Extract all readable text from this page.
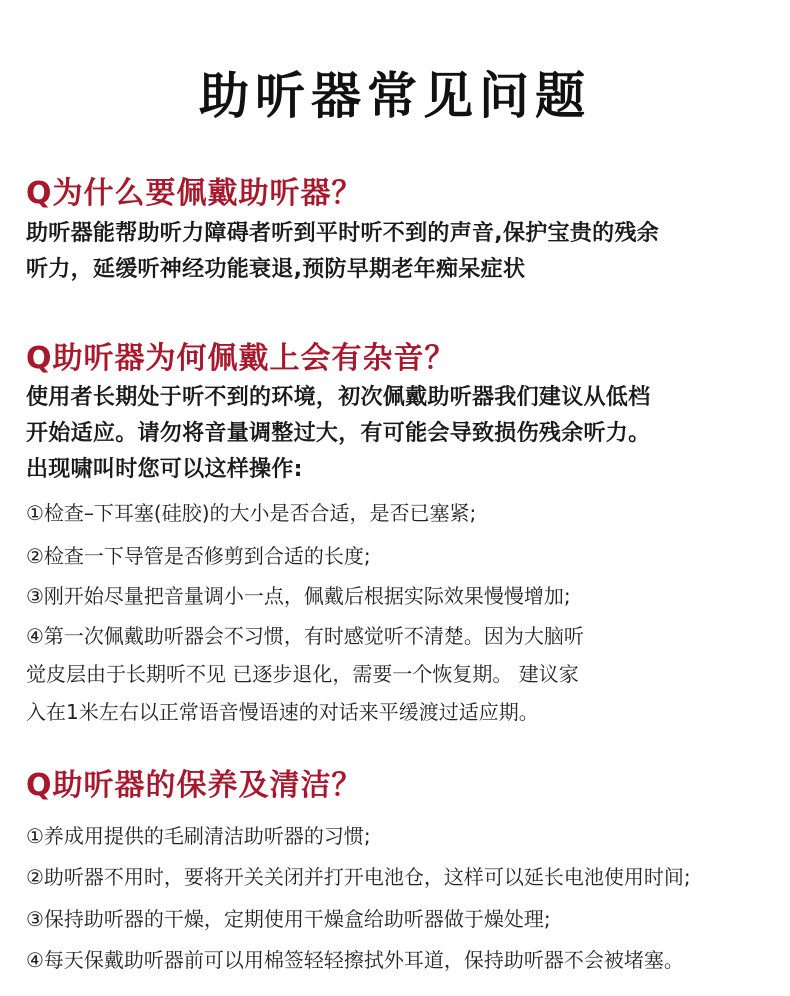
助听器常见问题
Q为什么要佩戴助听器？
助听器能帮助听力障碍者听到平时听不到的声音,保护宝贵的残余
听力，延缓听神经功能衰退,预防早期老年痴呆症状
Q助听器为何佩戴上会有杂音？
使用者长期处于听不到的环境，初次佩戴助听器我们建议从低档
开始适应。请勿将音量调整过大，有可能会导致损伤残余听力。
出现啸叫时您可以这样操作:
①检查–下耳塞(硅胶)的大小是否合适，是否已塞紧;
②检查一下导管是否修剪到合适的长度;
③刚开始尽量把音量调小一点，佩戴后根据实际效果慢慢增加;
④第一次佩戴助听器会不习惯，有时感觉听不清楚。因为大脑听
觉皮层由于长期听不见 已逐步退化，需要一个恢复期。 建议家
入在1米左右以正常语音慢语速的对话来平缓渡过适应期。
Q助听器的保养及清洁？
①养成用提供的毛刷清洁助听器的习惯;
②助听器不用时，要将开关关闭并打开电池仓，这样可以延长电池使用时间;
③保持助听器的干燥，定期使用干燥盒给助听器做于燥处理;
④每天保戴助听器前可以用棉签轻轻擦拭外耳道，保持助听器不会被堵塞。
